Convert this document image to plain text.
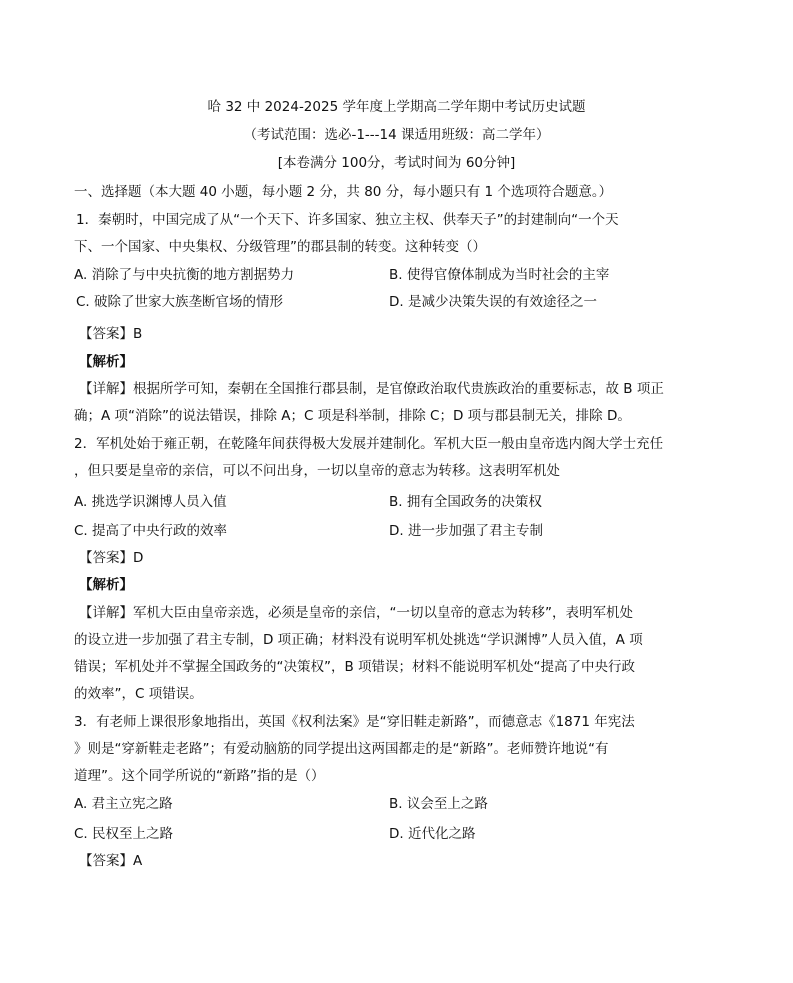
哈 32 中 2024-2025 学年度上学期高二学年期中考试历史试题
（考试范围：选必-1---14 课适用班级：高二学年）
[本卷满分 100分，考试时间为 60分钟]
一、选择题（本大题 40 小题，每小题 2 分，共 80 分，每小题只有 1 个选项符合题意。）
1．秦朝时，中国完成了从“一个天下、许多国家、独立主权、供奉天子”的封建制向“一个天
下、一个国家、中央集权、分级管理”的郡县制的转变。这种转变（）
A. 消除了与中央抗衡的地方割据势力	B. 使得官僚体制成为当时社会的主宰
C. 破除了世家大族垄断官场的情形	D. 是减少决策失误的有效途径之一
【答案】B
【解析】
【详解】根据所学可知，秦朝在全国推行郡县制，是官僚政治取代贵族政治的重要标志，故 B 项正
确；A 项“消除”的说法错误，排除 A；C 项是科举制，排除 C；D 项与郡县制无关，排除 D。
2．军机处始于雍正朝，在乾隆年间获得极大发展并建制化。军机大臣一般由皇帝选内阁大学士充任
，但只要是皇帝的亲信，可以不问出身，一切以皇帝的意志为转移。这表明军机处
A. 挑选学识渊博人员入值	B. 拥有全国政务的决策权
C. 提高了中央行政的效率	D. 进一步加强了君主专制
【答案】D
【解析】
【详解】军机大臣由皇帝亲选，必须是皇帝的亲信，“一切以皇帝的意志为转移”，表明军机处
的设立进一步加强了君主专制，D 项正确；材料没有说明军机处挑选“学识渊博”人员入值，A 项
错误；军机处并不掌握全国政务的“决策权”，B 项错误；材料不能说明军机处“提高了中央行政
的效率”，C 项错误。
3．有老师上课很形象地指出，英国《权利法案》是“穿旧鞋走新路”，而德意志《1871 年宪法
》则是“穿新鞋走老路”；有爱动脑筋的同学提出这两国都走的是“新路”。老师赞许地说“有
道理”。这个同学所说的“新路”指的是（）
A. 君主立宪之路	B. 议会至上之路
C. 民权至上之路	D. 近代化之路
【答案】A
